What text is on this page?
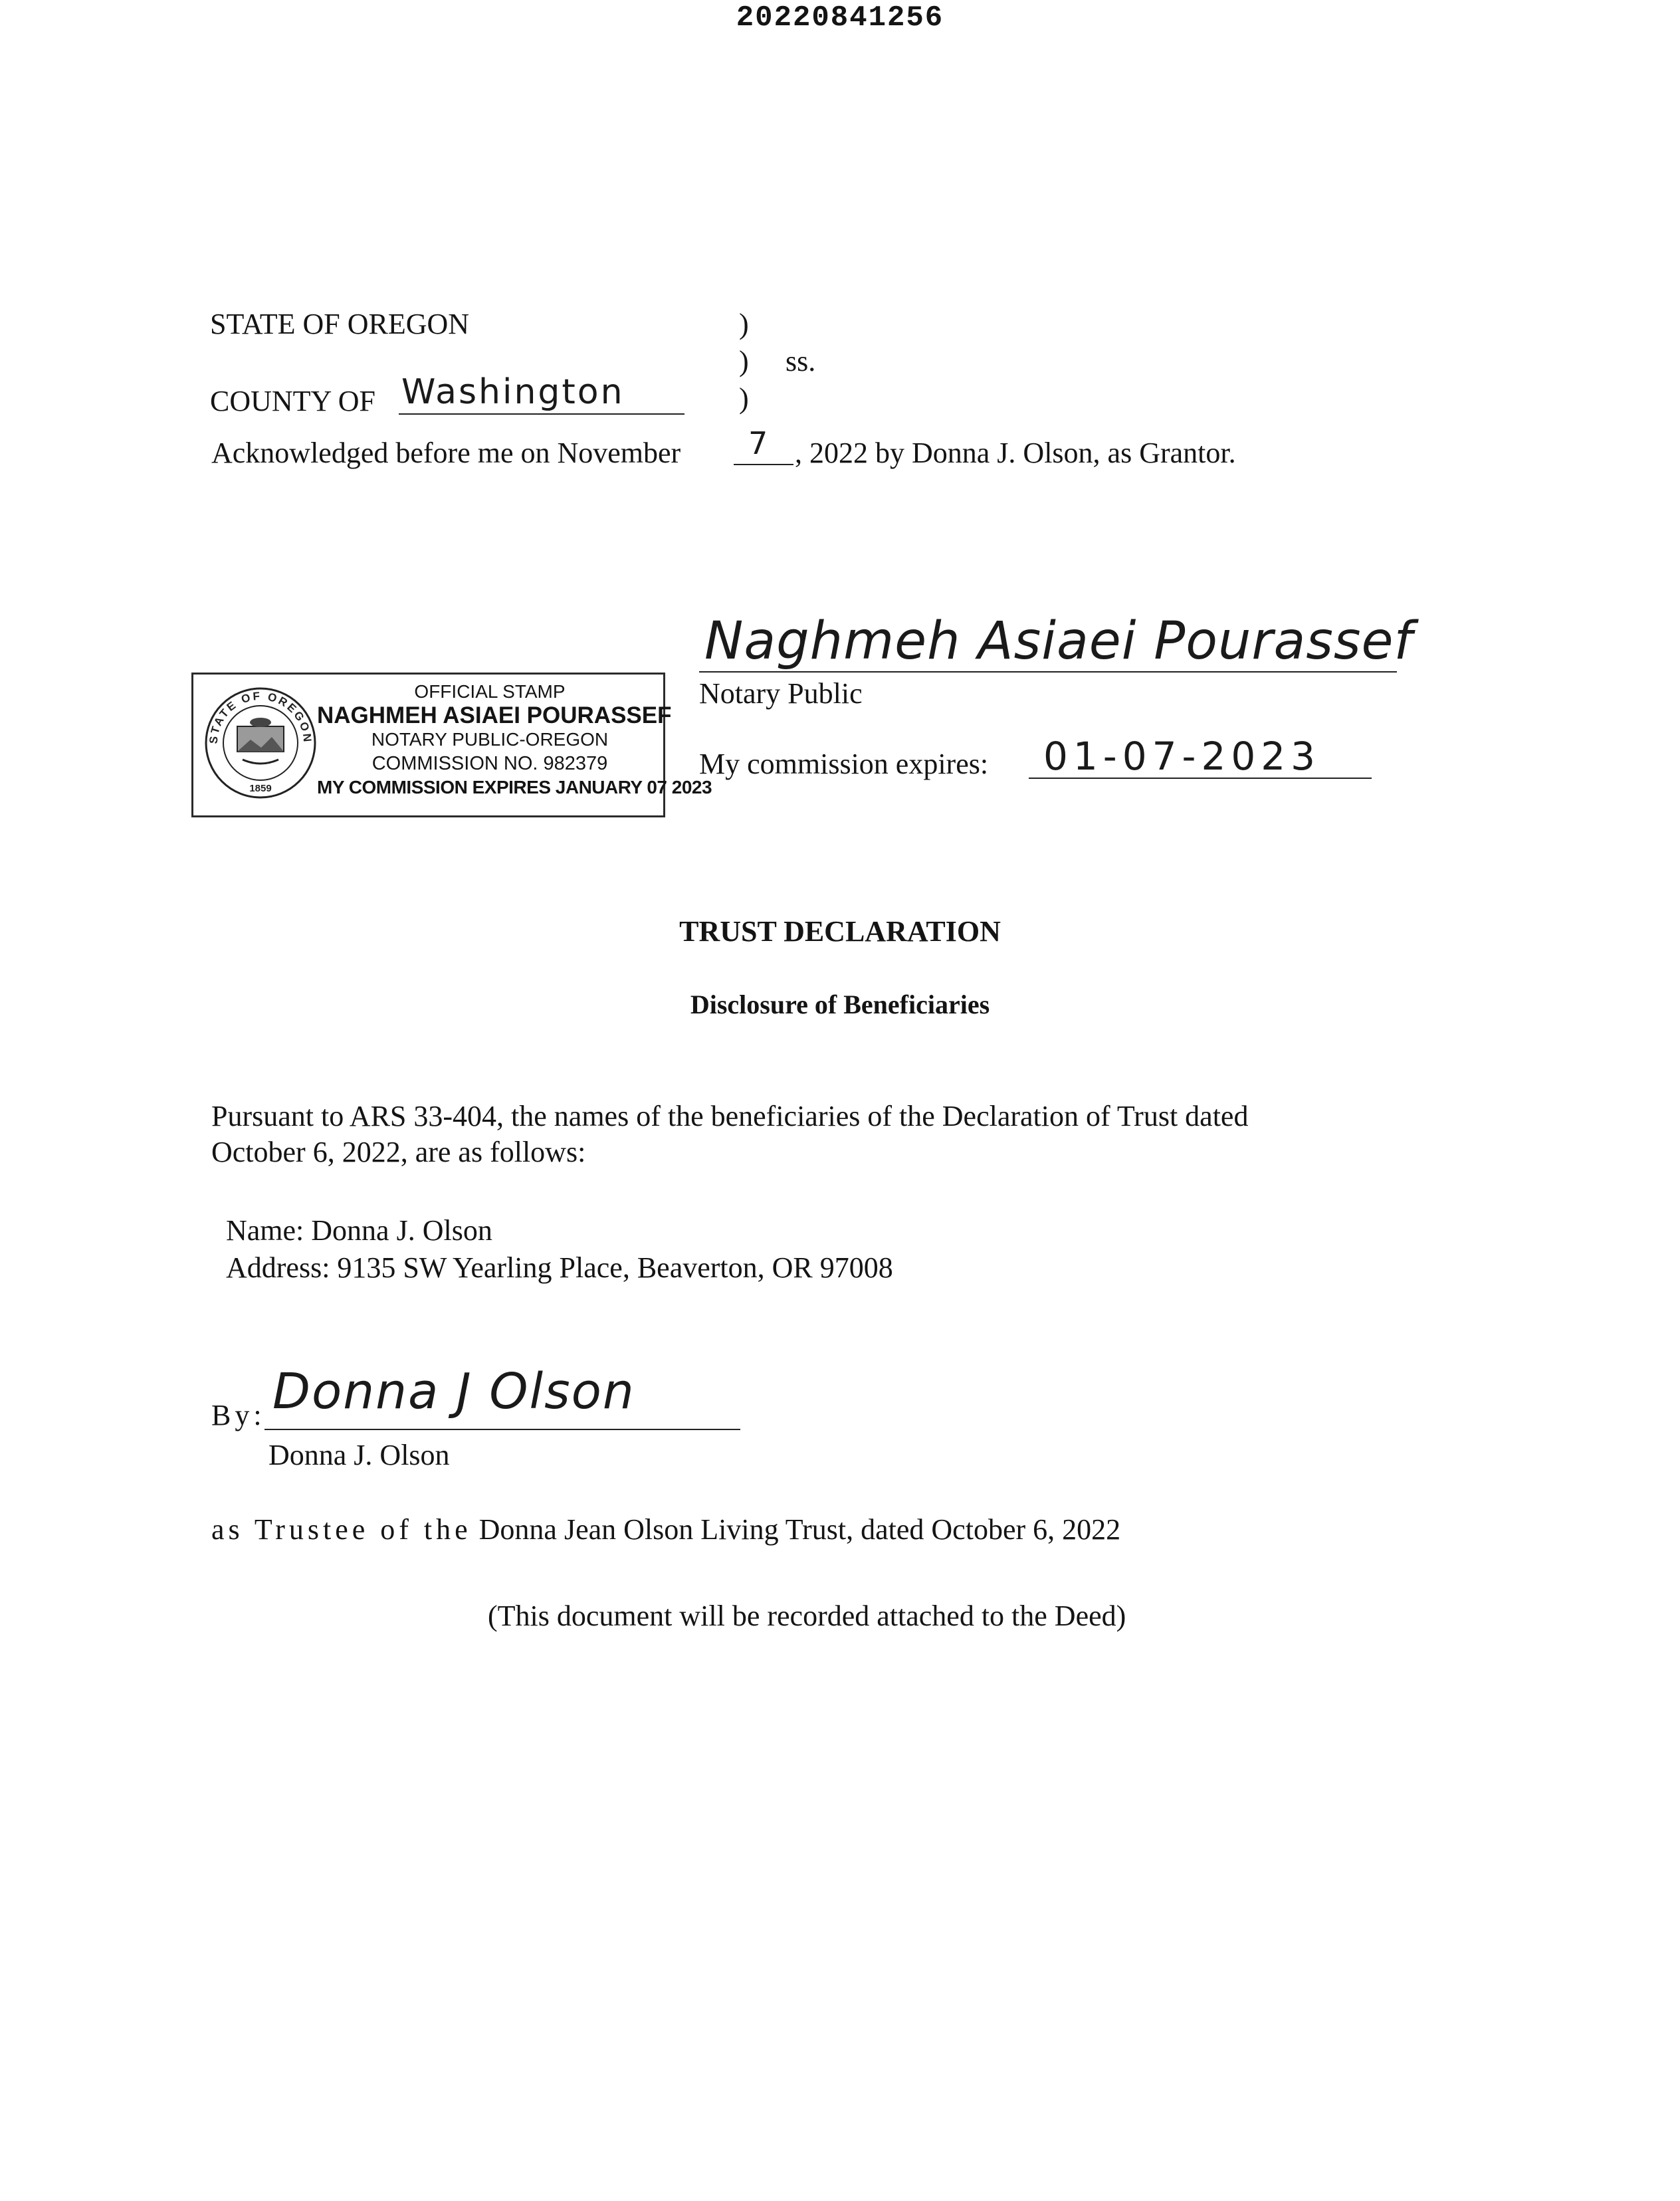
20220841256
STATE OF OREGON	)
) ss.
)
COUNTY OF Washington
Acknowledged before me on November 7 , 2022 by Donna J. Olson, as Grantor.
Naghmeh Asiaei Pourassef
Notary Public
My commission expires: 01-07-2023
STATE OF OREGON
1859
OFFICIAL STAMP
NAGHMEH ASIAEI POURASSEF
NOTARY PUBLIC-OREGON
COMMISSION NO. 982379
MY COMMISSION EXPIRES JANUARY 07 2023
TRUST DECLARATION
Disclosure of Beneficiaries
Pursuant to ARS 33-404, the names of the beneficiaries of the Declaration of Trust dated
October 6, 2022, are as follows:
Name: Donna J. Olson
Address: 9135 SW Yearling Place, Beaverton, OR 97008
By: Donna J Olson
Donna J. Olson
as Trustee of the Donna Jean Olson Living Trust, dated October 6, 2022
(This document will be recorded attached to the Deed)
